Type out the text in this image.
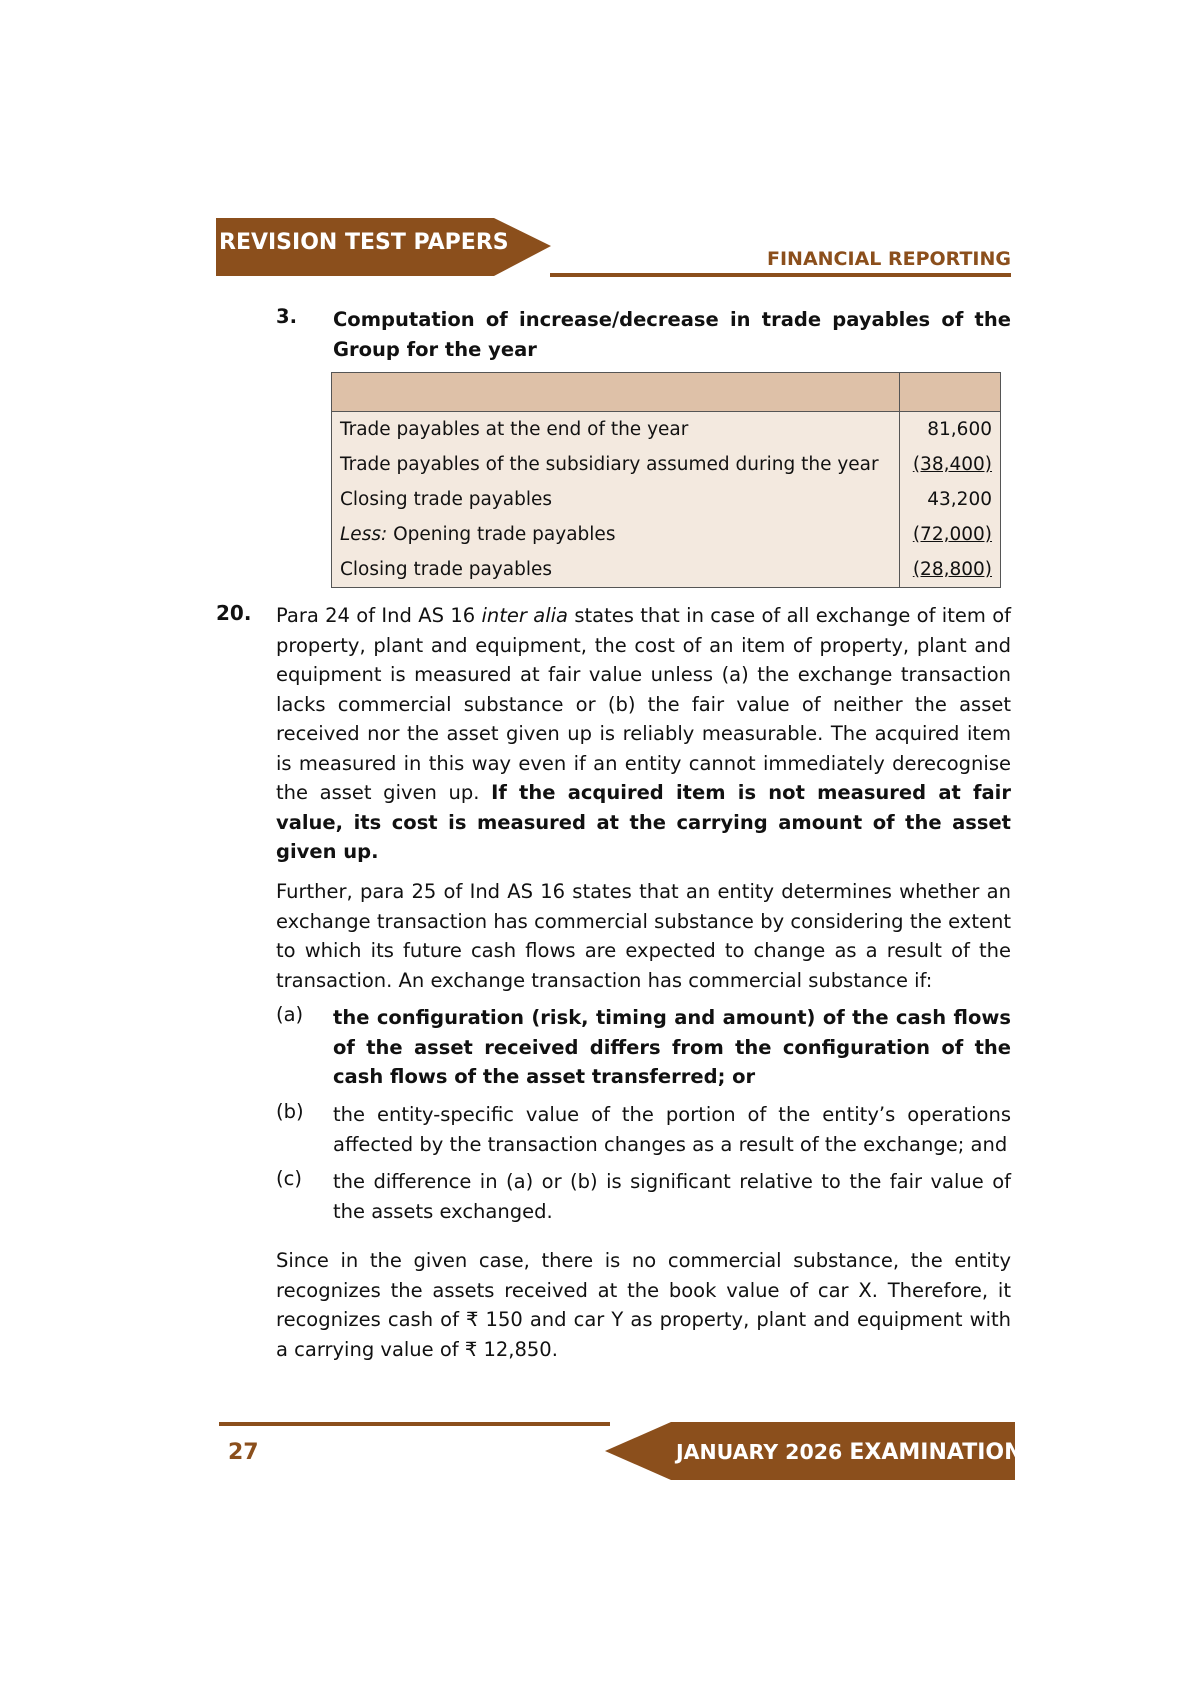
REVISION TEST PAPERS
FINANCIAL REPORTING
3. Computation of increase/decrease in trade payables of the Group for the year

Trade payables at the end of the year	81,600
Trade payables of the subsidiary assumed during the year	(38,400)
Closing trade payables	43,200
Less: Opening trade payables	(72,000)
Closing trade payables	(28,800)
20. Para 24 of Ind AS 16 inter alia states that in case of all exchange of item of property, plant and equipment, the cost of an item of property, plant and equipment is measured at fair value unless (a) the exchange transaction lacks commercial substance or (b) the fair value of neither the asset received nor the asset given up is reliably measurable. The acquired item is measured in this way even if an entity cannot immediately derecognise the asset given up. If the acquired item is not measured at fair value, its cost is measured at the carrying amount of the asset given up.
Further, para 25 of Ind AS 16 states that an entity determines whether an exchange transaction has commercial substance by considering the extent to which its future cash flows are expected to change as a result of the transaction. An exchange transaction has commercial substance if:
(a) the configuration (risk, timing and amount) of the cash flows of the asset received differs from the configuration of the cash flows of the asset transferred; or
(b) the entity-specific value of the portion of the entity’s operations affected by the transaction changes as a result of the exchange; and
(c) the difference in (a) or (b) is significant relative to the fair value of the assets exchanged.
Since in the given case, there is no commercial substance, the entity recognizes the assets received at the book value of car X. Therefore, it recognizes cash of ₹ 150 and car Y as property, plant and equipment with a carrying value of ₹ 12,850.
27	JANUARY 2026 EXAMINATION
